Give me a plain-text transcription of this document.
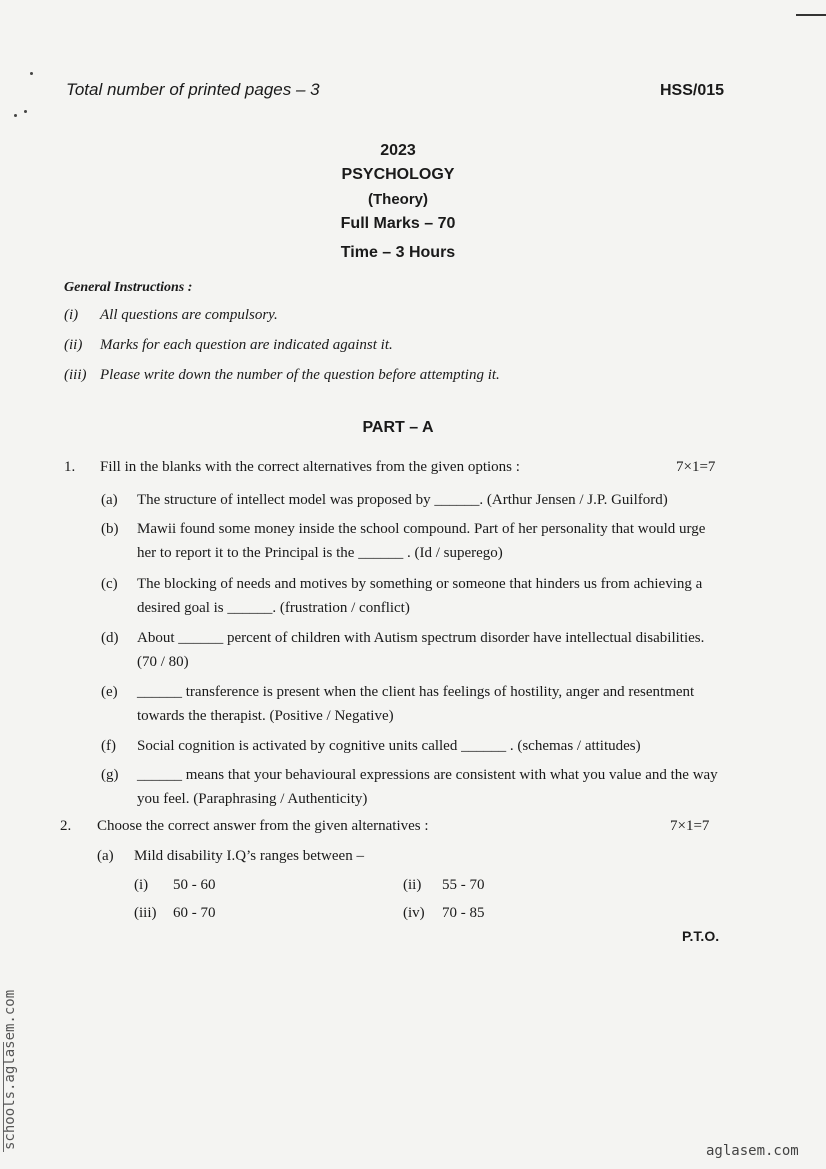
Total number of printed pages – 3	HSS/015
2023
PSYCHOLOGY
(Theory)
Full Marks – 70
Time – 3 Hours
General Instructions :
(i) All questions are compulsory.
(ii) Marks for each question are indicated against it.
(iii) Please write down the number of the question before attempting it.
PART – A
1. Fill in the blanks with the correct alternatives from the given options :	7×1=7
(a) The structure of intellect model was proposed by ______. (Arthur Jensen / J.P. Guilford)
(b) Mawii found some money inside the school compound. Part of her personality that would urge her to report it to the Principal is the ______ . (Id / superego)
(c) The blocking of needs and motives by something or someone that hinders us from achieving a desired goal is ______. (frustration / conflict)
(d) About ______ percent of children with Autism spectrum disorder have intellectual disabilities. (70 / 80)
(e) ______ transference is present when the client has feelings of hostility, anger and resentment towards the therapist. (Positive / Negative)
(f) Social cognition is activated by cognitive units called ______ . (schemas / attitudes)
(g) ______ means that your behavioural expressions are consistent with what you value and the way you feel. (Paraphrasing / Authenticity)
2. Choose the correct answer from the given alternatives :	7×1=7
(a) Mild disability I.Q’s ranges between –
(i) 50 - 60	(ii) 55 - 70
(iii) 60 - 70	(iv) 70 - 85
P.T.O.
schools.aglasem.com
aglasem.com
